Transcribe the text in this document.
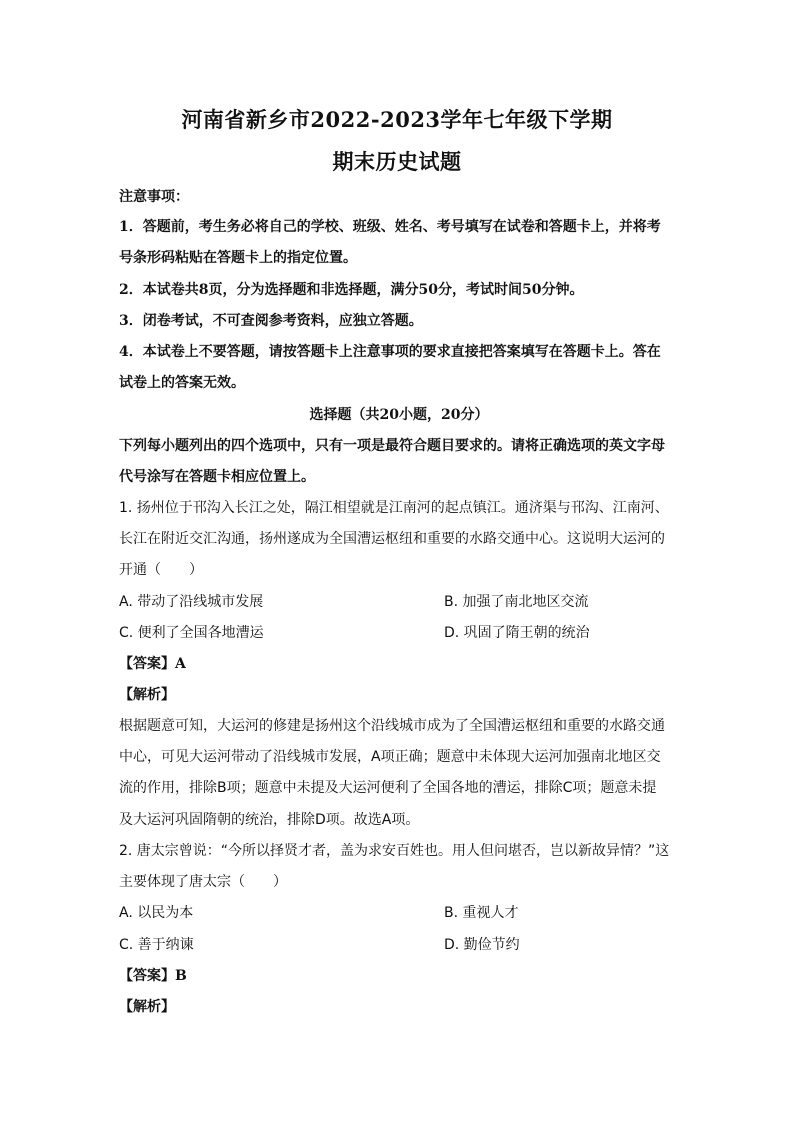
河南省新乡市2022-2023学年七年级下学期
期末历史试题
注意事项：
1．答题前，考生务必将自己的学校、班级、姓名、考号填写在试卷和答题卡上，并将考
号条形码粘贴在答题卡上的指定位置。
2．本试卷共8页，分为选择题和非选择题，满分50分，考试时间50分钟。
3．闭卷考试，不可查阅参考资料，应独立答题。
4．本试卷上不要答题，请按答题卡上注意事项的要求直接把答案填写在答题卡上。答在
试卷上的答案无效。
选择题（共20小题，20分）
下列每小题列出的四个选项中，只有一项是最符合题目要求的。请将正确选项的英文字母
代号涂写在答题卡相应位置上。
1. 扬州位于邗沟入长江之处，隔江相望就是江南河的起点镇江。通济渠与邗沟、江南河、
长江在附近交汇沟通，扬州遂成为全国漕运枢纽和重要的水路交通中心。这说明大运河的
开通（　　）
A. 带动了沿线城市发展	B. 加强了南北地区交流
C. 便利了全国各地漕运	D. 巩固了隋王朝的统治
【答案】A
【解析】
根据题意可知，大运河的修建是扬州这个沿线城市成为了全国漕运枢纽和重要的水路交通
中心，可见大运河带动了沿线城市发展，A项正确；题意中未体现大运河加强南北地区交
流的作用，排除B项；题意中未提及大运河便利了全国各地的漕运，排除C项；题意未提
及大运河巩固隋朝的统治，排除D项。故选A项。
2. 唐太宗曾说：“今所以择贤才者，盖为求安百姓也。用人但问堪否，岂以新故异情？”这
主要体现了唐太宗（　　）
A. 以民为本	B. 重视人才
C. 善于纳谏	D. 勤俭节约
【答案】B
【解析】
